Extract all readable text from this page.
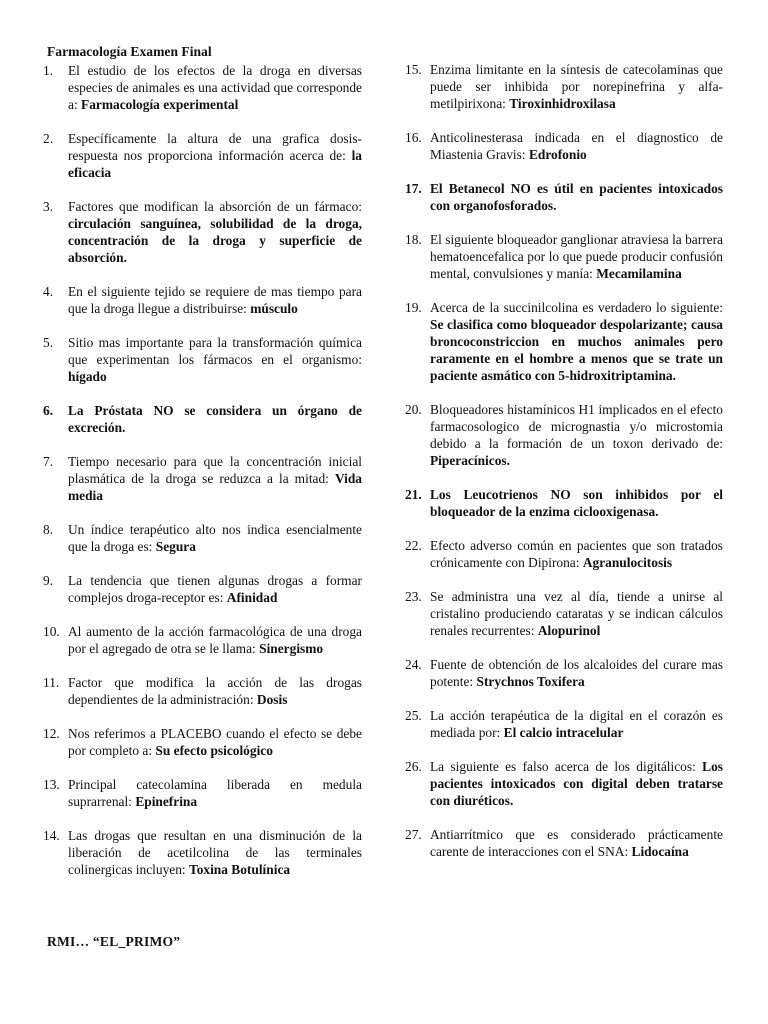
Farmacología Examen Final
1. El estudio de los efectos de la droga en diversas especies de animales es una actividad que corresponde a: Farmacología experimental
2. Específicamente la altura de una grafica dosis-respuesta nos proporciona información acerca de: la eficacia
3. Factores que modifican la absorción de un fármaco: circulación sanguínea, solubilidad de la droga, concentración de la droga y superficie de absorción.
4. En el siguiente tejido se requiere de mas tiempo para que la droga llegue a distribuirse: músculo
5. Sitio mas importante para la transformación química que experimentan los fármacos en el organismo: hígado
6. La Próstata NO se considera un órgano de excreción.
7. Tiempo necesario para que la concentración inicial plasmática de la droga se reduzca a la mitad: Vida media
8. Un índice terapéutico alto nos indica esencialmente que la droga es: Segura
9. La tendencia que tienen algunas drogas a formar complejos droga-receptor es: Afinidad
10. Al aumento de la acción farmacológica de una droga por el agregado de otra se le llama: Sinergismo
11. Factor que modifica la acción de las drogas dependientes de la administración: Dosis
12. Nos referimos a PLACEBO cuando el efecto se debe por completo a: Su efecto psicológico
13. Principal catecolamina liberada en medula suprarrenal: Epinefrina
14. Las drogas que resultan en una disminución de la liberación de acetilcolina de las terminales colinergicas incluyen: Toxina Botulínica
15. Enzima limitante en la síntesis de catecolaminas que puede ser inhibida por norepinefrina y alfa-metilpirixona: Tiroxinhidroxilasa
16. Anticolinesterasa indicada en el diagnostico de Miastenia Gravis: Edrofonio
17. El Betanecol NO es útil en pacientes intoxicados con organofosforados.
18. El siguiente bloqueador ganglionar atraviesa la barrera hematoencefalica por lo que puede producir confusión mental, convulsiones y manía: Mecamilamina
19. Acerca de la succinilcolina es verdadero lo siguiente: Se clasifica como bloqueador despolarizante; causa broncoconstriccion en muchos animales pero raramente en el hombre a menos que se trate un paciente asmático con 5-hidroxitriptamina.
20. Bloqueadores histamínicos H1 implicados en el efecto farmacosologico de micrognastia y/o microstomia debido a la formación de un toxon derivado de: Piperacínicos.
21. Los Leucotrienos NO son inhibidos por el bloqueador de la enzima ciclooxigenasa.
22. Efecto adverso común en pacientes que son tratados crónicamente con Dipirona: Agranulocitosis
23. Se administra una vez al día, tiende a unirse al cristalino produciendo cataratas y se indican cálculos renales recurrentes: Alopurinol
24. Fuente de obtención de los alcaloides del curare mas potente: Strychnos Toxifera
25. La acción terapéutica de la digital en el corazón es mediada por: El calcio intracelular
26. La siguiente es falso acerca de los digitálicos: Los pacientes intoxicados con digital deben tratarse con diuréticos.
27. Antiarrítmico que es considerado prácticamente carente de interacciones con el SNA: Lidocaína
RMI… “EL_PRIMO”
